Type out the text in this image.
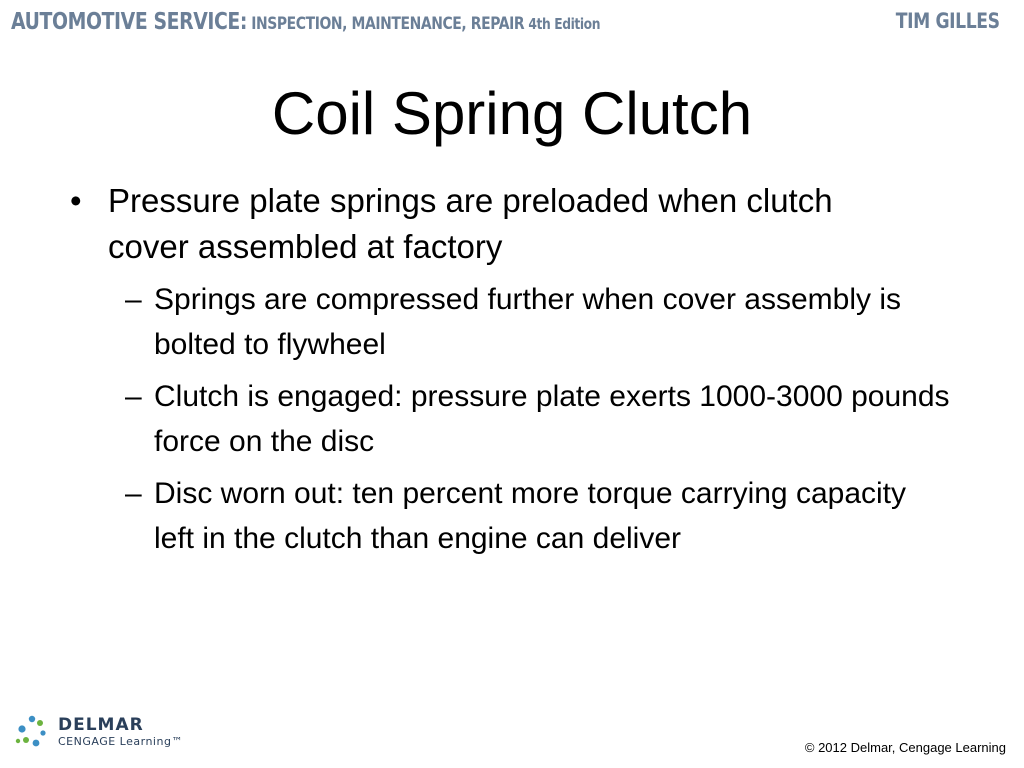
AUTOMOTIVE SERVICE: INSPECTION, MAINTENANCE, REPAIR 4th Edition	TIM GILLES
Coil Spring Clutch
• Pressure plate springs are preloaded when clutch cover assembled at factory
– Springs are compressed further when cover assembly is bolted to flywheel
– Clutch is engaged: pressure plate exerts 1000-3000 pounds force on the disc
– Disc worn out: ten percent more torque carrying capacity left in the clutch than engine can deliver
DELMAR
CENGAGE Learning™	© 2012 Delmar, Cengage Learning
